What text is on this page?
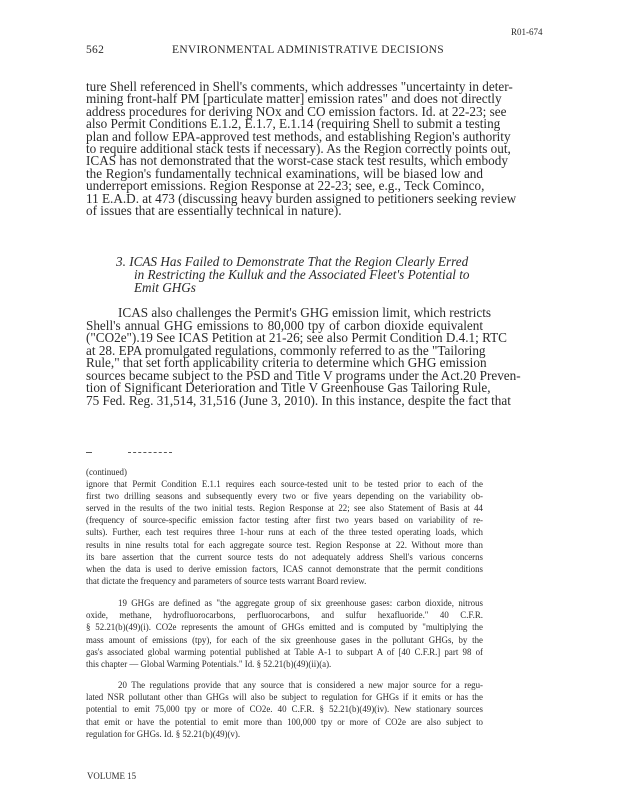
R01-674
562	ENVIRONMENTAL ADMINISTRATIVE DECISIONS
ture Shell referenced in Shell's comments, which addresses "uncertainty in deter-
mining front-half PM [particulate matter] emission rates" and does not directly
address procedures for deriving NOx and CO emission factors. Id. at 22-23; see
also Permit Conditions E.1.2, E.1.7, E.1.14 (requiring Shell to submit a testing
plan and follow EPA-approved test methods, and establishing Region's authority
to require additional stack tests if necessary). As the Region correctly points out,
ICAS has not demonstrated that the worst-case stack test results, which embody
the Region's fundamentally technical examinations, will be biased low and
underreport emissions. Region Response at 22-23; see, e.g., Teck Cominco,
11 E.A.D. at 473 (discussing heavy burden assigned to petitioners seeking review
of issues that are essentially technical in nature).
3. ICAS Has Failed to Demonstrate That the Region Clearly Erred
in Restricting the Kulluk and the Associated Fleet's Potential to
Emit GHGs
ICAS also challenges the Permit's GHG emission limit, which restricts
Shell's annual GHG emissions to 80,000 tpy of carbon dioxide equivalent
("CO2e").19 See ICAS Petition at 21-26; see also Permit Condition D.4.1; RTC
at 28. EPA promulgated regulations, commonly referred to as the "Tailoring
Rule," that set forth applicability criteria to determine which GHG emission
sources became subject to the PSD and Title V programs under the Act.20 Preven-
tion of Significant Deterioration and Title V Greenhouse Gas Tailoring Rule,
75 Fed. Reg. 31,514, 31,516 (June 3, 2010). In this instance, despite the fact that
(continued)
ignore that Permit Condition E.1.1 requires each source-tested unit to be tested prior to each of the
first two drilling seasons and subsequently every two or five years depending on the variability ob-
served in the results of the two initial tests. Region Response at 22; see also Statement of Basis at 44
(frequency of source-specific emission factor testing after first two years based on variability of re-
sults). Further, each test requires three 1-hour runs at each of the three tested operating loads, which
results in nine results total for each aggregate source test. Region Response at 22. Without more than
its bare assertion that the current source tests do not adequately address Shell's various concerns
when the data is used to derive emission factors, ICAS cannot demonstrate that the permit conditions
that dictate the frequency and parameters of source tests warrant Board review.
19 GHGs are defined as "the aggregate group of six greenhouse gases: carbon dioxide, nitrous
oxide, methane, hydrofluorocarbons, perfluorocarbons, and sulfur hexafluoride." 40 C.F.R.
§ 52.21(b)(49)(i). CO2e represents the amount of GHGs emitted and is computed by "multiplying the
mass amount of emissions (tpy), for each of the six greenhouse gases in the pollutant GHGs, by the
gas's associated global warming potential published at Table A-1 to subpart A of [40 C.F.R.] part 98 of
this chapter — Global Warming Potentials." Id. § 52.21(b)(49)(ii)(a).
20 The regulations provide that any source that is considered a new major source for a regu-
lated NSR pollutant other than GHGs will also be subject to regulation for GHGs if it emits or has the
potential to emit 75,000 tpy or more of CO2e. 40 C.F.R. § 52.21(b)(49)(iv). New stationary sources
that emit or have the potential to emit more than 100,000 tpy or more of CO2e are also subject to
regulation for GHGs. Id. § 52.21(b)(49)(v).
VOLUME 15
